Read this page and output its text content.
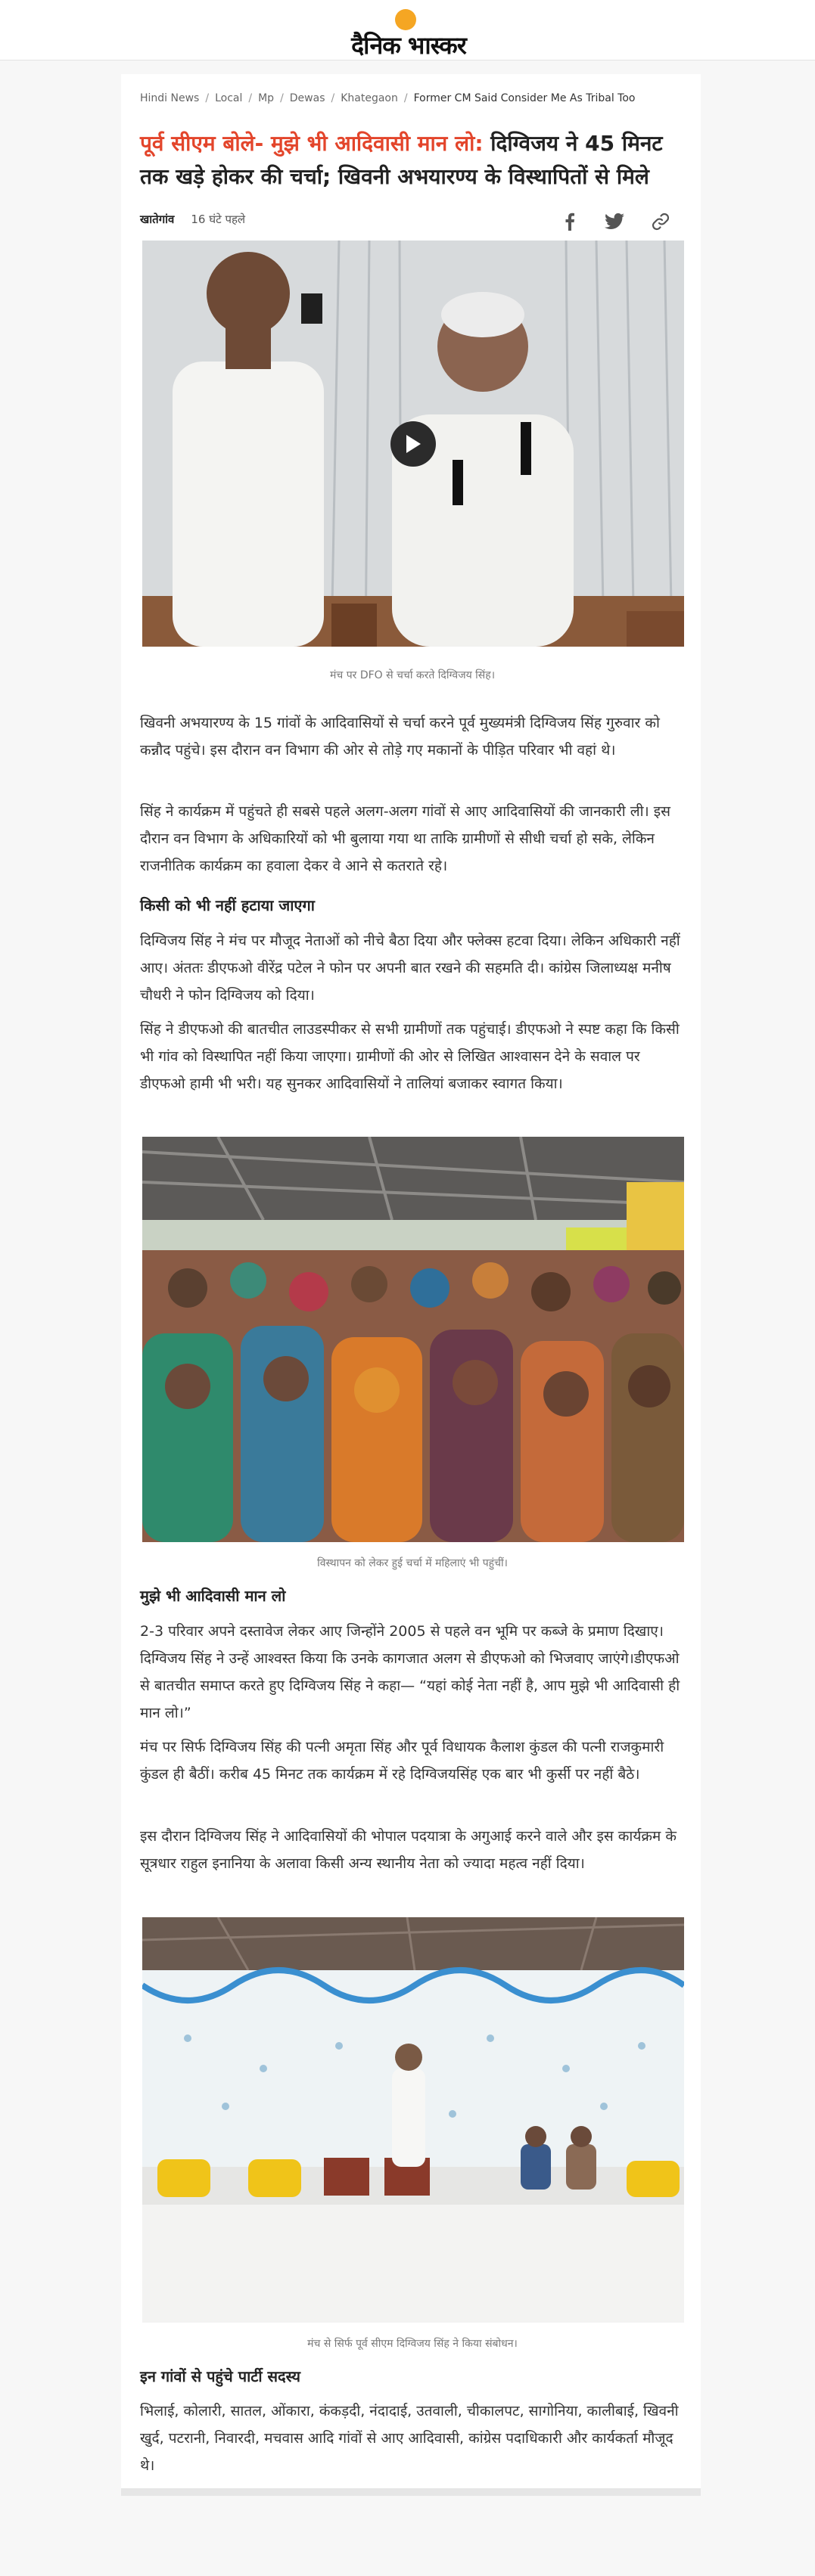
दैनिक भास्कर
Hindi News / Local / Mp / Dewas / Khategaon / Former CM Said Consider Me As Tribal Too
पूर्व सीएम बोले- मुझे भी आदिवासी मान लो: दिग्विजय ने 45 मिनट तक खड़े होकर की चर्चा; खिवनी अभयारण्य के विस्थापितों से मिले
खातेगांव 16 घंटे पहले
मंच पर DFO से चर्चा करते दिग्विजय सिंह।

खिवनी अभयारण्य के 15 गांवों के आदिवासियों से चर्चा करने पूर्व मुख्यमंत्री दिग्विजय सिंह गुरुवार को कन्नौद पहुंचे। इस दौरान वन विभाग की ओर से तोड़े गए मकानों के पीड़ित परिवार भी वहां थे।

सिंह ने कार्यक्रम में पहुंचते ही सबसे पहले अलग-अलग गांवों से आए आदिवासियों की जानकारी ली। इस दौरान वन विभाग के अधिकारियों को भी बुलाया गया था ताकि ग्रामीणों से सीधी चर्चा हो सके, लेकिन राजनीतिक कार्यक्रम का हवाला देकर वे आने से कतराते रहे।

किसी को भी नहीं हटाया जाएगा

दिग्विजय सिंह ने मंच पर मौजूद नेताओं को नीचे बैठा दिया और फ्लेक्स हटवा दिया। लेकिन अधिकारी नहीं आए। अंततः डीएफओ वीरेंद्र पटेल ने फोन पर अपनी बात रखने की सहमति दी। कांग्रेस जिलाध्यक्ष मनीष चौधरी ने फोन दिग्विजय को दिया।

सिंह ने डीएफओ की बातचीत लाउडस्पीकर से सभी ग्रामीणों तक पहुंचाई। डीएफओ ने स्पष्ट कहा कि किसी भी गांव को विस्थापित नहीं किया जाएगा। ग्रामीणों की ओर से लिखित आश्वासन देने के सवाल पर डीएफओ हामी भी भरी। यह सुनकर आदिवासियों ने तालियां बजाकर स्वागत किया।

विस्थापन को लेकर हुई चर्चा में महिलाएं भी पहुंचीं।
मुझे भी आदिवासी मान लो

2-3 परिवार अपने दस्तावेज लेकर आए जिन्होंने 2005 से पहले वन भूमि पर कब्जे के प्रमाण दिखाए। दिग्विजय सिंह ने उन्हें आश्वस्त किया कि उनके कागजात अलग से डीएफओ को भिजवाए जाएंगे।डीएफओ से बातचीत समाप्त करते हुए दिग्विजय सिंह ने कहा— “यहां कोई नेता नहीं है, आप मुझे भी आदिवासी ही मान लो।”

मंच पर सिर्फ दिग्विजय सिंह की पत्नी अमृता सिंह और पूर्व विधायक कैलाश कुंडल की पत्नी राजकुमारी कुंडल ही बैठीं। करीब 45 मिनट तक कार्यक्रम में रहे दिग्विजयसिंह एक बार भी कुर्सी पर नहीं बैठे।

इस दौरान दिग्विजय सिंह ने आदिवासियों की भोपाल पदयात्रा के अगुआई करने वाले और इस कार्यक्रम के सूत्रधार राहुल इनानिया के अलावा किसी अन्य स्थानीय नेता को ज्यादा महत्व नहीं दिया।

मंच से सिर्फ पूर्व सीएम दिग्विजय सिंह ने किया संबोधन।
इन गांवों से पहुंचे पार्टी सदस्य

भिलाई, कोलारी, सातल, ओंकारा, कंकड़दी, नंदादाई, उतवाली, चीकालपट, सागोनिया, कालीबाई, खिवनी खुर्द, पटरानी, निवारदी, मचवास आदि गांवों से आए आदिवासी, कांग्रेस पदाधिकारी और कार्यकर्ता मौजूद थे।
